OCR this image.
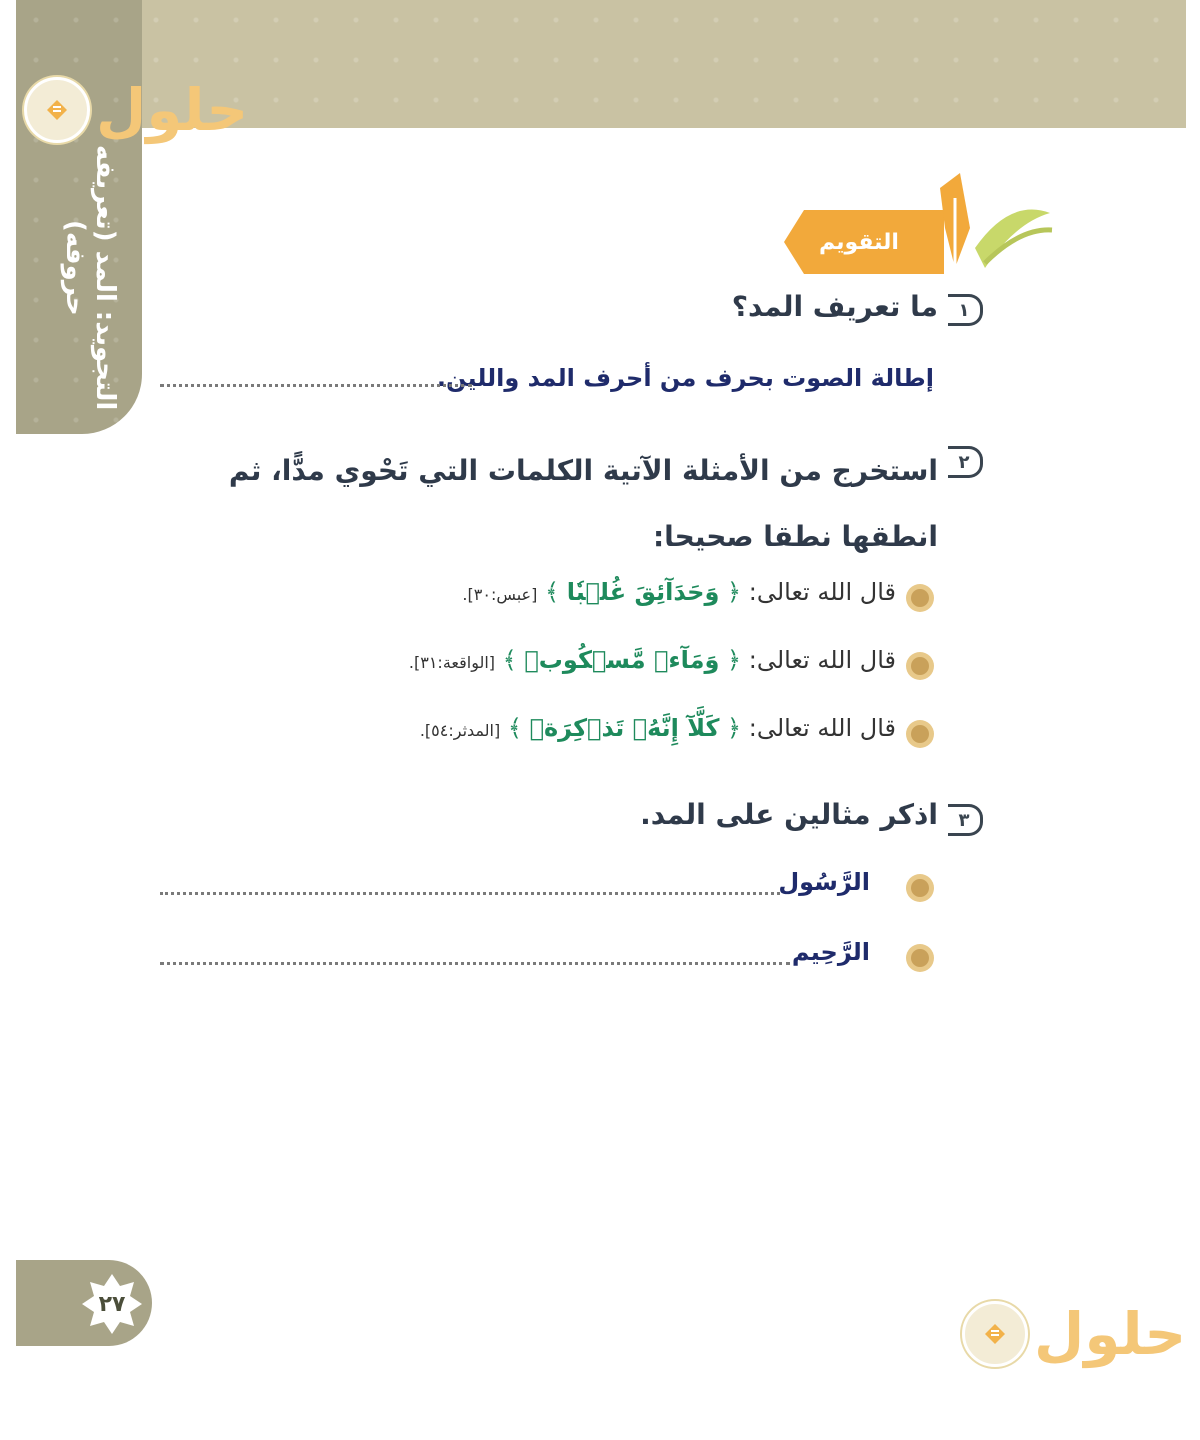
التجويد: المد (تعريفه - حروفه)
حلول
التقويم
١
ما تعريف المد؟
إطالة الصوت بحرف من أحرف المد واللين.
٢
استخرج من الأمثلة الآتية الكلمات التي تَحْوي مدًّا، ثم انطقها نطقا صحيحا:
قال الله تعالى: ﴿ وَحَدَآئِقَ غُلۡبٗا ﴾ [عبس:٣٠].
قال الله تعالى: ﴿ وَمَآءٖ مَّسۡكُوبٖ ﴾ [الواقعة:٣١].
قال الله تعالى: ﴿ كَلَّآ إِنَّهُۥ تَذۡكِرَةٞ ﴾ [المدثر:٥٤].
٣
اذكر مثالين على المد.
الرَّسُول
الرَّحِيم
٢٧	حلول
